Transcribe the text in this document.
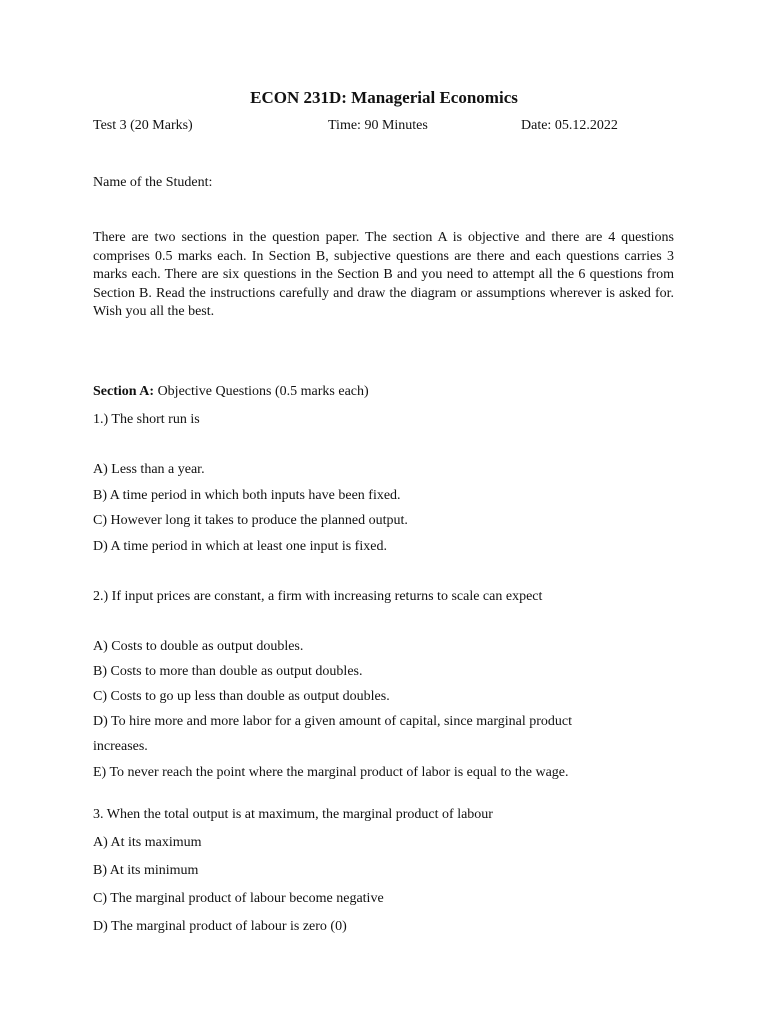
ECON 231D: Managerial Economics
Test 3 (20 Marks)	Time: 90 Minutes	Date: 05.12.2022
Name of the Student:

There are two sections in the question paper. The section A is objective and there are 4 questions comprises 0.5 marks each. In Section B, subjective questions are there and each questions carries 3 marks each. There are six questions in the Section B and you need to attempt all the 6 questions from Section B. Read the instructions carefully and draw the diagram or assumptions wherever is asked for. Wish you all the best.

Section A: Objective Questions (0.5 marks each)
1.) The short run is
A) Less than a year.
B) A time period in which both inputs have been fixed.
C) However long it takes to produce the planned output.
D) A time period in which at least one input is fixed.
2.) If input prices are constant, a firm with increasing returns to scale can expect
A) Costs to double as output doubles.
B) Costs to more than double as output doubles.
C) Costs to go up less than double as output doubles.
D) To hire more and more labor for a given amount of capital, since marginal product
increases.
E) To never reach the point where the marginal product of labor is equal to the wage.
3. When the total output is at maximum, the marginal product of labour
A) At its maximum
B) At its minimum
C) The marginal product of labour become negative
D) The marginal product of labour is zero (0)
